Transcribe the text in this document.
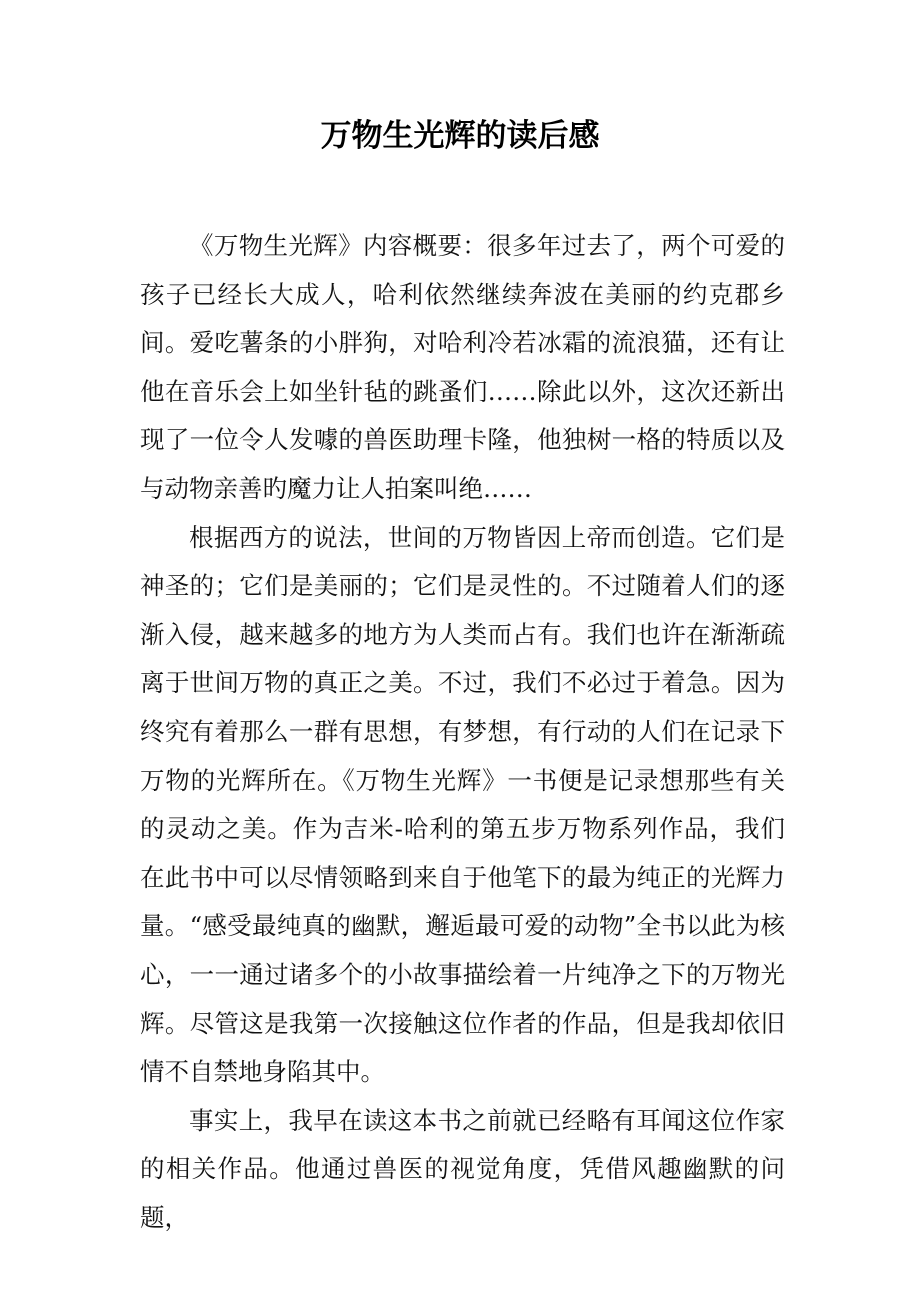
万物生光辉的读后感

《万物生光辉》内容概要：很多年过去了，两个可爱的孩子已经长大成人，哈利依然继续奔波在美丽的约克郡乡间。爱吃薯条的小胖狗，对哈利冷若冰霜的流浪猫，还有让他在音乐会上如坐针毡的跳蚤们……除此以外，这次还新出现了一位令人发噱的兽医助理卡隆，他独树一格的特质以及与动物亲善旳魔力让人拍案叫绝……

根据西方的说法，世间的万物皆因上帝而创造。它们是神圣的；它们是美丽的；它们是灵性的。不过随着人们的逐渐入侵，越来越多的地方为人类而占有。我们也许在渐渐疏离于世间万物的真正之美。不过，我们不必过于着急。因为终究有着那么一群有思想，有梦想，有行动的人们在记录下万物的光辉所在。《万物生光辉》一书便是记录想那些有关的灵动之美。作为吉米-哈利的第五步万物系列作品，我们在此书中可以尽情领略到来自于他笔下的最为纯正的光辉力量。“感受最纯真的幽默，邂逅最可爱的动物”全书以此为核心，一一通过诸多个的小故事描绘着一片纯净之下的万物光辉。尽管这是我第一次接触这位作者的作品，但是我却依旧情不自禁地身陷其中。

事实上，我早在读这本书之前就已经略有耳闻这位作家的相关作品。他通过兽医的视觉角度，凭借风趣幽默的问题，
